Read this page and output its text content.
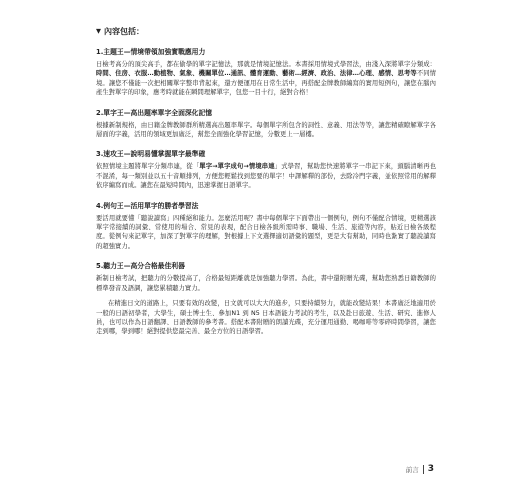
▼ 內容包括：
1.主題王—情境帶領加強實戰應用力

日檢考高分的頂尖高手，都在偷學的單字記憶法，那就是情境記憶法。本書採用情境式學習法，由淺入深將單字分類成：時間、住房、衣服…動植物、氣象、機關單位…通訊、體育運動、藝術…經濟、政治、法律…心理、感情、思考等不同情境。讓您不僅能一次把相關單字整串背起來，還方便運用在日常生活中，再搭配金牌教師編寫的實用短例句，讓您在腦內產生對單字的印象，應考時就能在瞬間理解單字，包您一目十行，絕對合格！

2.單字王—高出題率單字全面深化記憶

根據新制規格，由日籍金牌教師群所精選高出題率單字。每個單字所包含的詞性、意義、用法等等，讓您精確瞭解單字各層面的字義，活用的領域更加廣泛，幫您全面強化學習記憶，分數更上一層樓。

3.速攻王—說明易懂掌握單字最準確

依照情境主題將單字分類串連，從「單字→單字成句→情境串連」式學習，幫助您快速將單字一串記下來，頭腦清晰再也不混淆，每一類別並以五十音順排列，方便您輕鬆找到您要的單字！中譯解釋的部份，去除冷門字義，並依照常用的解釋依序編寫而成。讓您在最短時間內，迅速掌握日語單字。

4.例句王—活用單字的勝者學習法

要活用就要懂「聽說讀寫」四種絕和能力。怎麼活用呢？書中每個單字下面帶出一個例句，例句不僅配合情境，更精選該單字常接續的詞彙、常使用的場合、常見的表現，配合日檢各級所需時事、職場、生活、旅遊等內容，貼近日檢各級程度。從例句來記單字，加深了對單字的理解，對根據上下文選擇適切語彙的題型，更是大有幫助，同時也紮實了聽說讀寫的超強實力。

5.聽力王—高分合格最佳利器

新制日檢考試，把聽力的分數提高了，合格最短距離就是加強聽力學習。為此，書中還附贈光碟，幫助您熟悉日籍教師的標準發音及語調，讓您累積聽力實力。

在精進日文的道路上，只要有效的改變，日文就可以大大的進步，只要持續努力，就能改變結果！本書廣泛地適用於一般的日語初學者，大學生，碩士博士生、參加N1 到 N5 日本語能力考試的考生，以及赴日旅遊、生活、研究、進修人員，也可以作為日語翻譯、日語教師的參考書。搭配本書附贈的朗讀光碟，充分運用通勤、喝咖啡等零碎時間學習，讓您走到哪，學到哪！絕對提供您最完善、最全方位的日語學習。

前言 3
